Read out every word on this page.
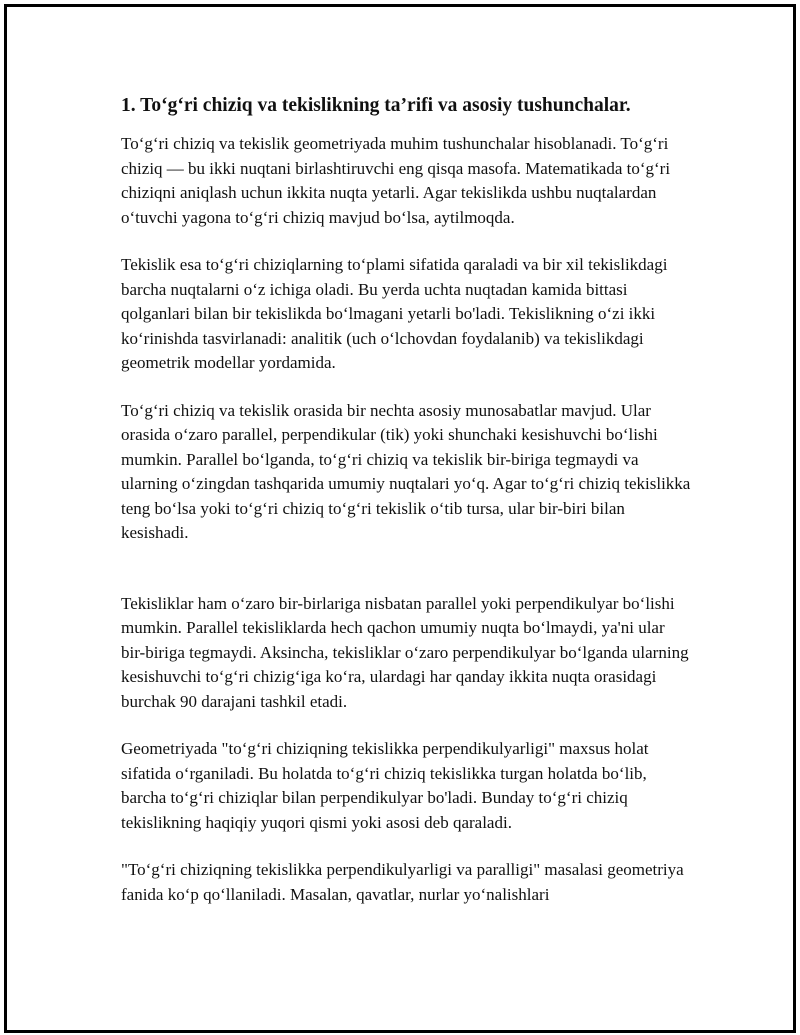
1. To‘g‘ri chiziq va tekislikning ta’rifi va asosiy tushunchalar.

To‘g‘ri chiziq va tekislik geometriyada muhim tushunchalar hisoblanadi. To‘g‘ri chiziq — bu ikki nuqtani birlashtiruvchi eng qisqa masofa. Matematikada to‘g‘ri chiziqni aniqlash uchun ikkita nuqta yetarli. Agar tekislikda ushbu nuqtalardan o‘tuvchi yagona to‘g‘ri chiziq mavjud bo‘lsa, aytilmoqda.

Tekislik esa to‘g‘ri chiziqlarning to‘plami sifatida qaraladi va bir xil tekislikdagi barcha nuqtalarni o‘z ichiga oladi. Bu yerda uchta nuqtadan kamida bittasi qolganlari bilan bir tekislikda bo‘lmagani yetarli bo'ladi. Tekislikning o‘zi ikki ko‘rinishda tasvirlanadi: analitik (uch o‘lchovdan foydalanib) va tekislikdagi geometrik modellar yordamida.

To‘g‘ri chiziq va tekislik orasida bir nechta asosiy munosabatlar mavjud. Ular orasida o‘zaro parallel, perpendikular (tik) yoki shunchaki kesishuvchi bo‘lishi mumkin. Parallel bo‘lganda, to‘g‘ri chiziq va tekislik bir-biriga tegmaydi va ularning o‘zingdan tashqarida umumiy nuqtalari yo‘q. Agar to‘g‘ri chiziq tekislikka teng bo‘lsa yoki to‘g‘ri chiziq to‘g‘ri tekislik o‘tib tursa, ular bir-biri bilan kesishadi.

Tekisliklar ham o‘zaro bir-birlariga nisbatan parallel yoki perpendikulyar bo‘lishi mumkin. Parallel tekisliklarda hech qachon umumiy nuqta bo‘lmaydi, ya'ni ular bir-biriga tegmaydi. Aksincha, tekisliklar o‘zaro perpendikulyar bo‘lganda ularning kesishuvchi to‘g‘ri chizig‘iga ko‘ra, ulardagi har qanday ikkita nuqta orasidagi burchak 90 darajani tashkil etadi.

Geometriyada "to‘g‘ri chiziqning tekislikka perpendikulyarligi" maxsus holat sifatida o‘rganiladi. Bu holatda to‘g‘ri chiziq tekislikka turgan holatda bo‘lib, barcha to‘g‘ri chiziqlar bilan perpendikulyar bo'ladi. Bunday to‘g‘ri chiziq tekislikning haqiqiy yuqori qismi yoki asosi deb qaraladi.

"To‘g‘ri chiziqning tekislikka perpendikulyarligi va paralligi" masalasi geometriya fanida ko‘p qo‘llaniladi. Masalan, qavatlar, nurlar yo‘nalishlari
